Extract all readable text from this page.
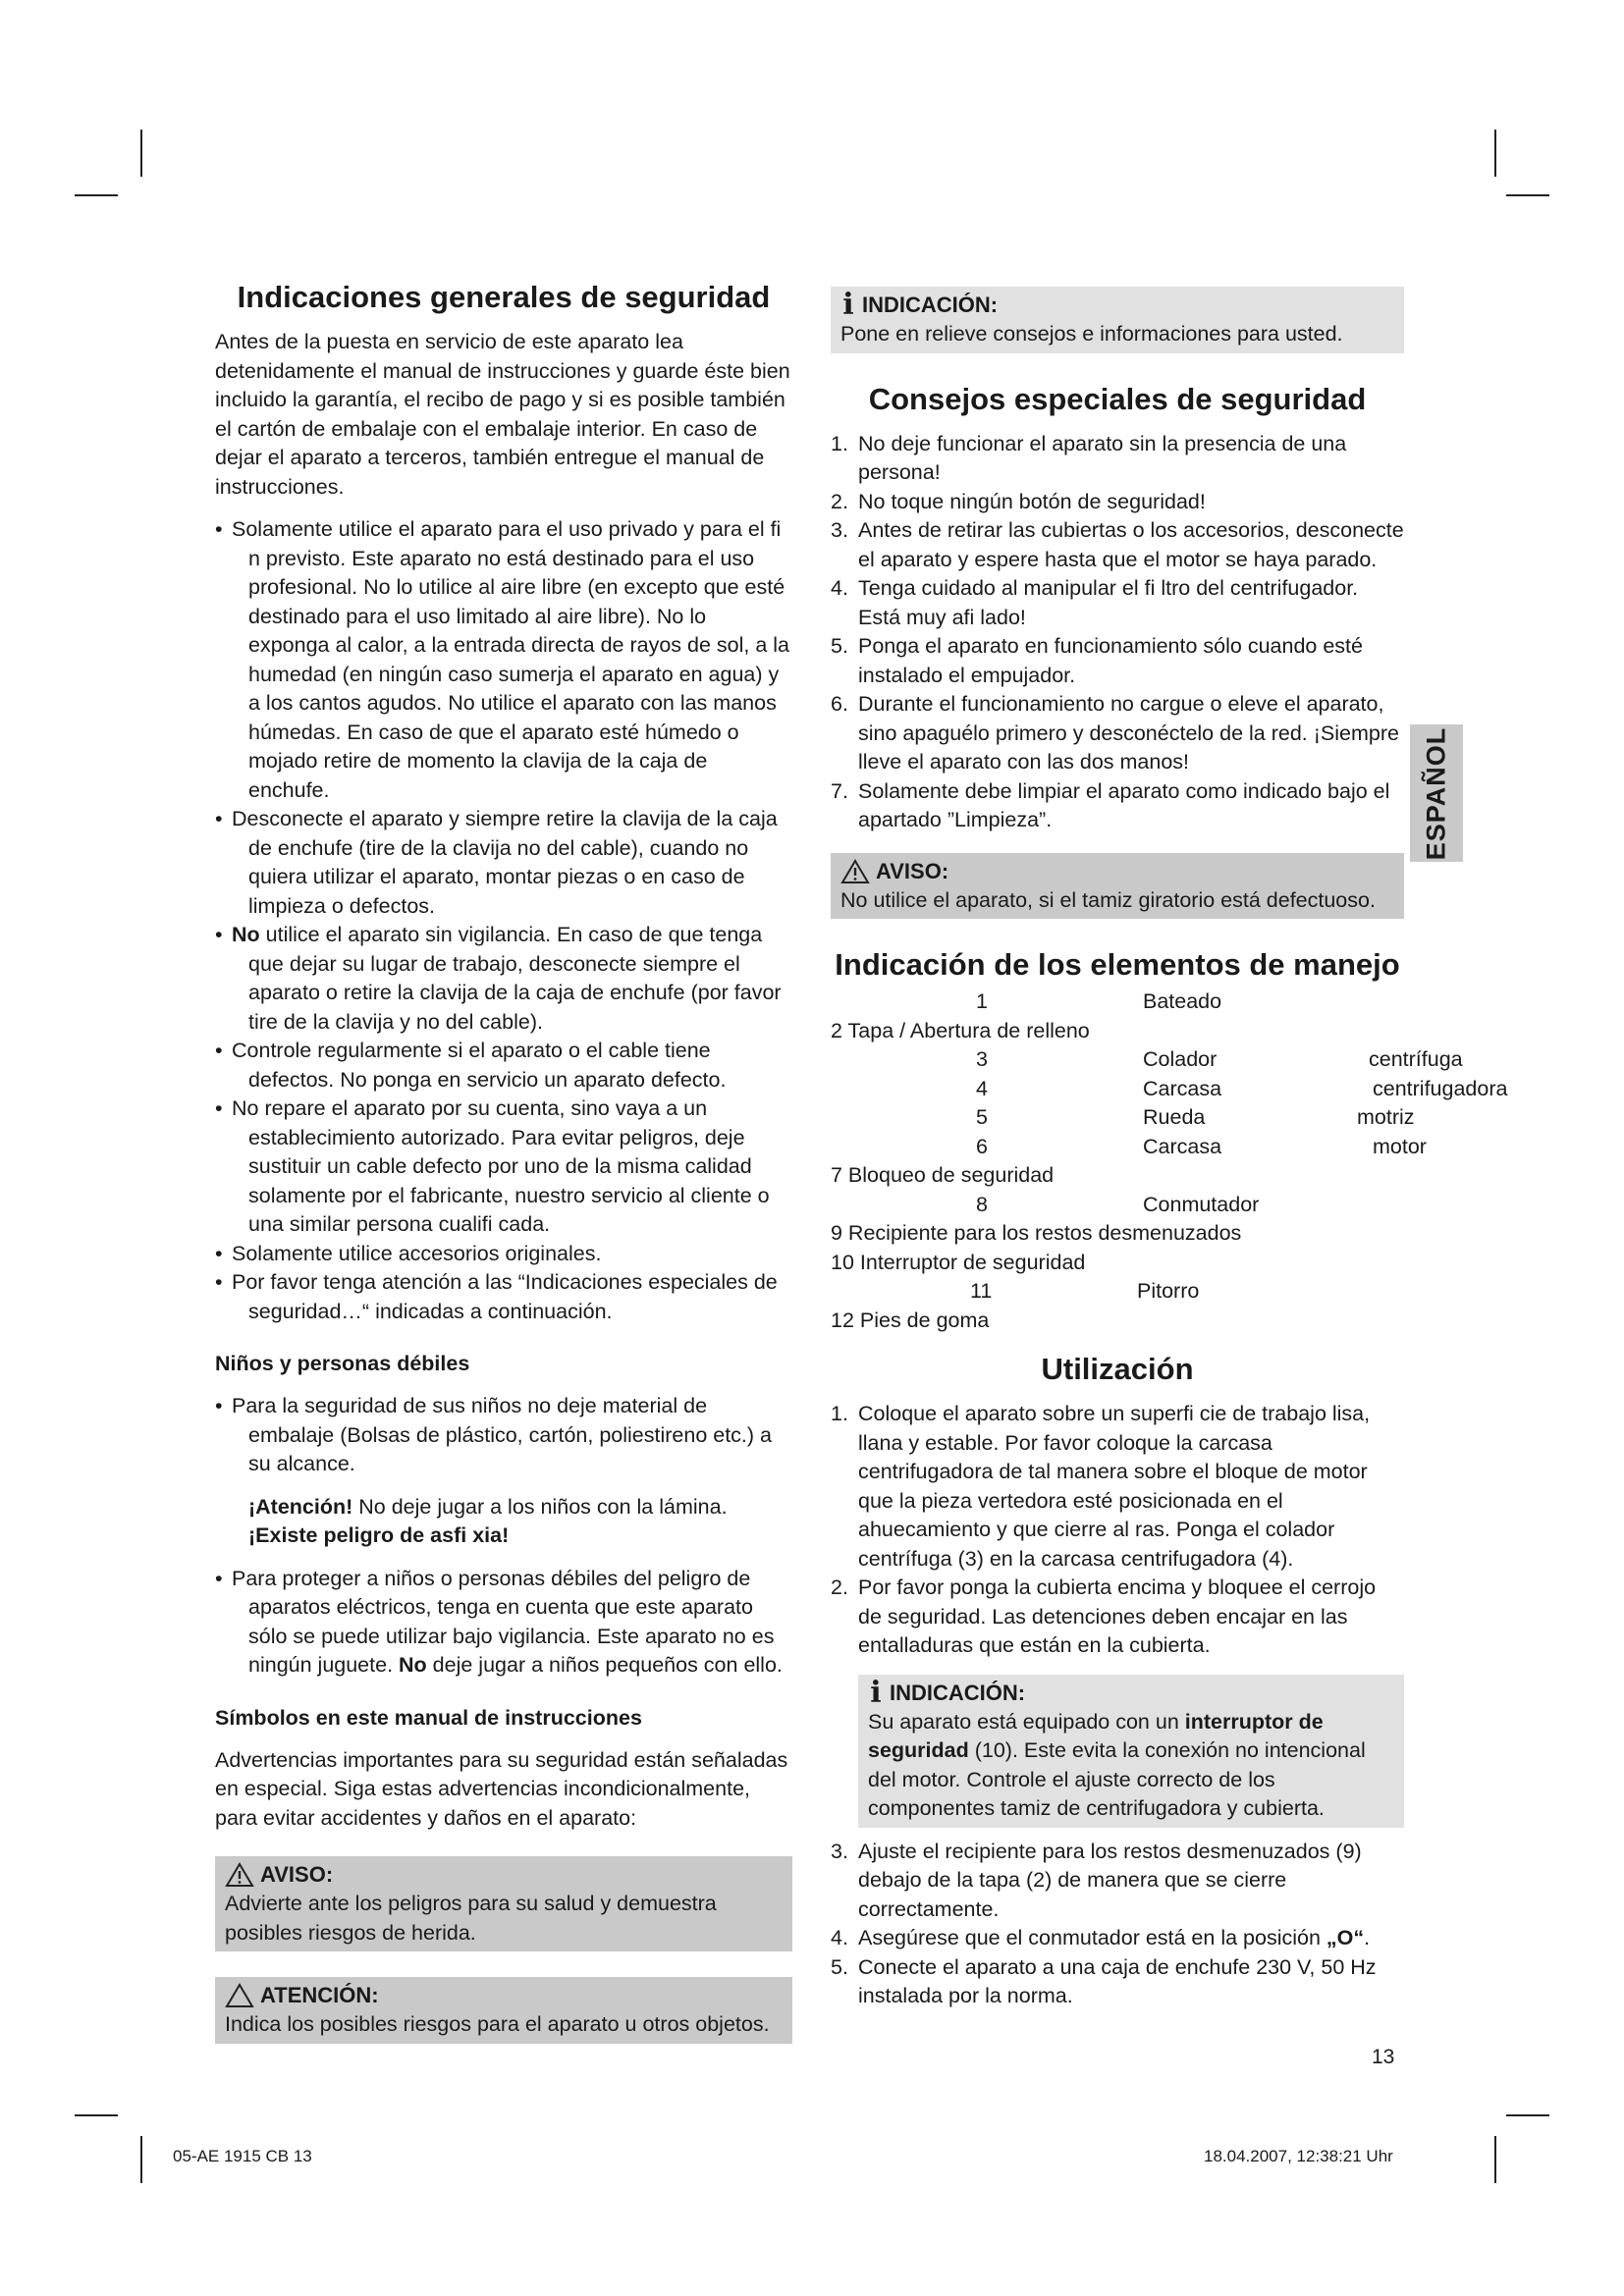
Indicaciones generales de seguridad

Antes de la puesta en servicio de este aparato lea detenidamente el manual de instrucciones y guarde éste bien incluido la garantía, el recibo de pago y si es posible también el cartón de embalaje con el embalaje interior. En caso de dejar el aparato a terceros, también entregue el manual de instrucciones.

• Solamente utilice el aparato para el uso privado y para el fi n previsto. Este aparato no está destinado para el uso profesional. No lo utilice al aire libre (en excepto que esté destinado para el uso limitado al aire libre). No lo exponga al calor, a la entrada directa de rayos de sol, a la humedad (en ningún caso sumerja el aparato en agua) y a los cantos agudos. No utilice el aparato con las manos húmedas. En caso de que el aparato esté húmedo o mojado retire de momento la clavija de la caja de enchufe.
• Desconecte el aparato y siempre retire la clavija de la caja de enchufe (tire de la clavija no del cable), cuando no quiera utilizar el aparato, montar piezas o en caso de limpieza o defectos.
• No utilice el aparato sin vigilancia. En caso de que tenga que dejar su lugar de trabajo, desconecte siempre el aparato o retire la clavija de la caja de enchufe (por favor tire de la clavija y no del cable).
• Controle regularmente si el aparato o el cable tiene defectos. No ponga en servicio un aparato defecto.
• No repare el aparato por su cuenta, sino vaya a un establecimiento autorizado. Para evitar peligros, deje sustituir un cable defecto por uno de la misma calidad solamente por el fabricante, nuestro servicio al cliente o una similar persona cualifi cada.
• Solamente utilice accesorios originales.
• Por favor tenga atención a las “Indicaciones especiales de seguridad…“ indicadas a continuación.
Niños y personas débiles
• Para la seguridad de sus niños no deje material de embalaje (Bolsas de plástico, cartón, poliestireno etc.) a su alcance.

¡Atención! No deje jugar a los niños con la lámina. ¡Existe peligro de asfi xia!

• Para proteger a niños o personas débiles del peligro de aparatos eléctricos, tenga en cuenta que este aparato sólo se puede utilizar bajo vigilancia. Este aparato no es ningún juguete. No deje jugar a niños pequeños con ello.
Símbolos en este manual de instrucciones

Advertencias importantes para su seguridad están señaladas en especial. Siga estas advertencias incondicionalmente, para evitar accidentes y daños en el aparato:

AVISO:

Advierte ante los peligros para su salud y demuestra posibles riesgos de herida.

ATENCIÓN:

Indica los posibles riesgos para el aparato u otros objetos.

i INDICACIÓN:

Pone en relieve consejos e informaciones para usted.

Consejos especiales de seguridad
1. No deje funcionar el aparato sin la presencia de una persona!
2. No toque ningún botón de seguridad!
3. Antes de retirar las cubiertas o los accesorios, desconecte el aparato y espere hasta que el motor se haya parado.
4. Tenga cuidado al manipular el fi ltro del centrifugador. Está muy afi lado!
5. Ponga el aparato en funcionamiento sólo cuando esté instalado el empujador.
6. Durante el funcionamiento no cargue o eleve el aparato, sino apaguélo primero y desconéctelo de la red. ¡Siempre lleve el aparato con las dos manos!
7. Solamente debe limpiar el aparato como indicado bajo el apartado ”Limpieza”.
AVISO:

No utilice el aparato, si el tamiz giratorio está defectuoso.

Indicación de los elementos de manejo
1	Bateado
2 Tapa / Abertura de relleno
3	Colador	centrífuga
4	Carcasa	centrifugadora
5	Rueda	motriz
6	Carcasa	motor
7 Bloqueo de seguridad
8	Conmutador
9 Recipiente para los restos desmenuzados
10 Interruptor de seguridad
11	Pitorro
12 Pies de goma
Utilización
1. Coloque el aparato sobre un superfi cie de trabajo lisa, llana y estable. Por favor coloque la carcasa centrifugadora de tal manera sobre el bloque de motor que la pieza vertedora esté posicionada en el ahuecamiento y que cierre al ras. Ponga el colador centrífuga (3) en la carcasa centrifugadora (4).
2. Por favor ponga la cubierta encima y bloquee el cerrojo de seguridad. Las detenciones deben encajar en las entalladuras que están en la cubierta.
i INDICACIÓN:

Su aparato está equipado con un interruptor de seguridad (10). Este evita la conexión no intencional del motor. Controle el ajuste correcto de los componentes tamiz de centrifugadora y cubierta.

3. Ajuste el recipiente para los restos desmenuzados (9) debajo de la tapa (2) de manera que se cierre correctamente.
4. Asegúrese que el conmutador está en la posición „O“.
5. Conecte el aparato a una caja de enchufe 230 V, 50 Hz instalada por la norma.
ESPAÑOL
13
05-AE 1915 CB 13	18.04.2007, 12:38:21 Uhr
